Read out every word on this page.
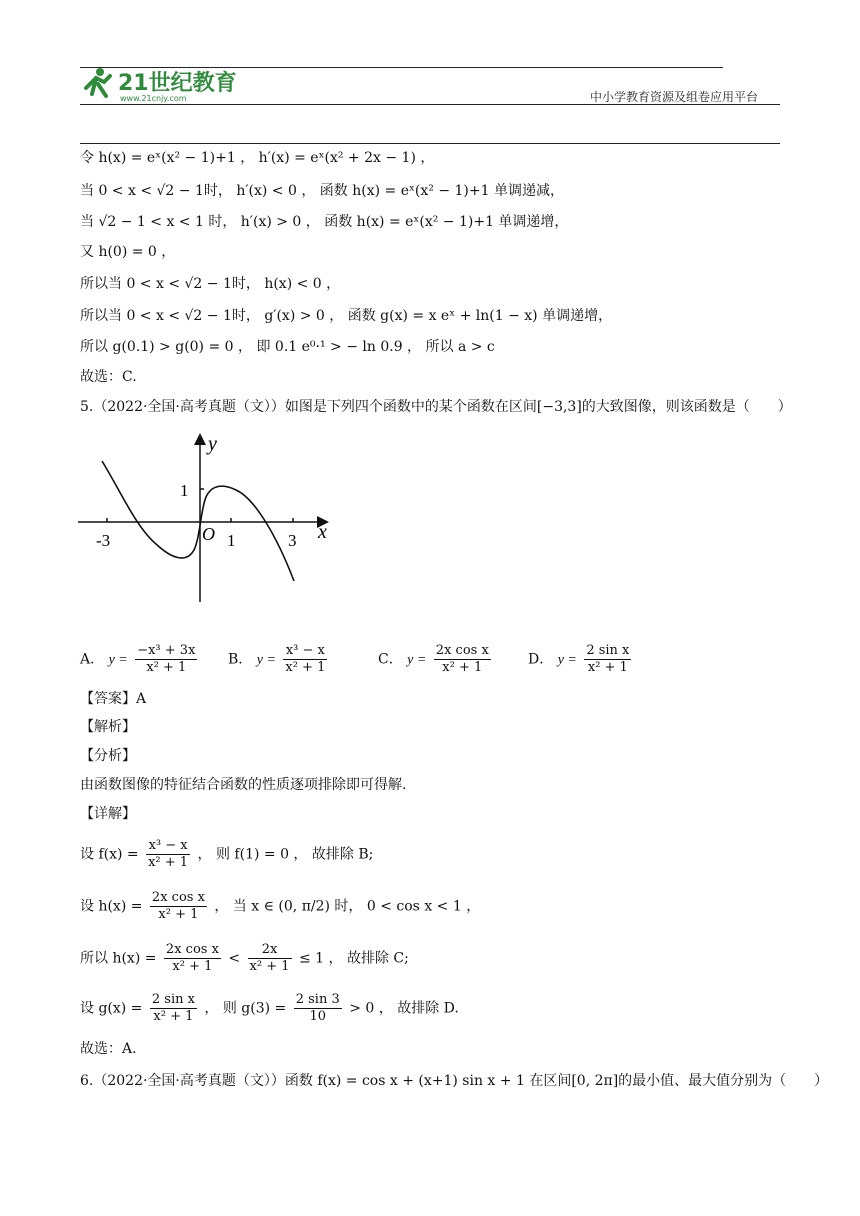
21世纪教育
www.21cnjy.com	中小学教育资源及组卷应用平台
令 h(x) = eˣ(x² − 1)+1 ， h′(x) = eˣ(x² + 2x − 1) ，
当 0 < x < √2 − 1时， h′(x) < 0 ， 函数 h(x) = eˣ(x² − 1)+1 单调递减，
当 √2 − 1 < x < 1 时， h′(x) > 0 ， 函数 h(x) = eˣ(x² − 1)+1 单调递增，
又 h(0) = 0 ，
所以当 0 < x < √2 − 1时， h(x) < 0 ，
所以当 0 < x < √2 − 1时， g′(x) > 0 ， 函数 g(x) = x eˣ + ln(1 − x) 单调递增，
所以 g(0.1) > g(0) = 0 ， 即 0.1 e⁰·¹ > − ln 0.9 ， 所以 a > c
故选：C.
5.（2022·全国·高考真题（文））如图是下列四个函数中的某个函数在区间[−3,3]的大致图像，则该函数是（　　）
y
x
O
-3	1	3
1
A． $y = \frac{\text{−x³ + 3x}}{\text{x² + 1}}$ B． $y = \frac{\text{x³ − x}}{\text{x² + 1}}$	C． $y = \frac{\text{2x cos x}}{\text{x² + 1}}$	D． $y = \frac{\text{2 sin x}}{\text{x² + 1}}$
【答案】A
【解析】
【分析】
由函数图像的特征结合函数的性质逐项排除即可得解.
【详解】
设 $f(x) = \frac{\text{x³ − x}}{\text{x² + 1}}$ ， 则 f(1) = 0 ， 故排除 B;
设 $h(x) = \frac{\text{2x cos x}}{\text{x² + 1}}$ ， 当 x ∈ (0, π/2) 时， 0 < cos x < 1 ，
所以 $h(x) = \frac{\text{2x cos x}}{\text{x² + 1}} < \frac{2x}{\text{x² + 1}} \le 1$ ， 故排除 C;
设 $g(x) = \frac{\text{2 sin x}}{\text{x² + 1}}$ ， 则 $g(3) = \frac{2 \sin 3}{10} > 0$ ， 故排除 D.
故选：A.
6.（2022·全国·高考真题（文））函数 f(x) = cos x + (x+1) sin x + 1 在区间[0, 2π]的最小值、最大值分别为（　　）
